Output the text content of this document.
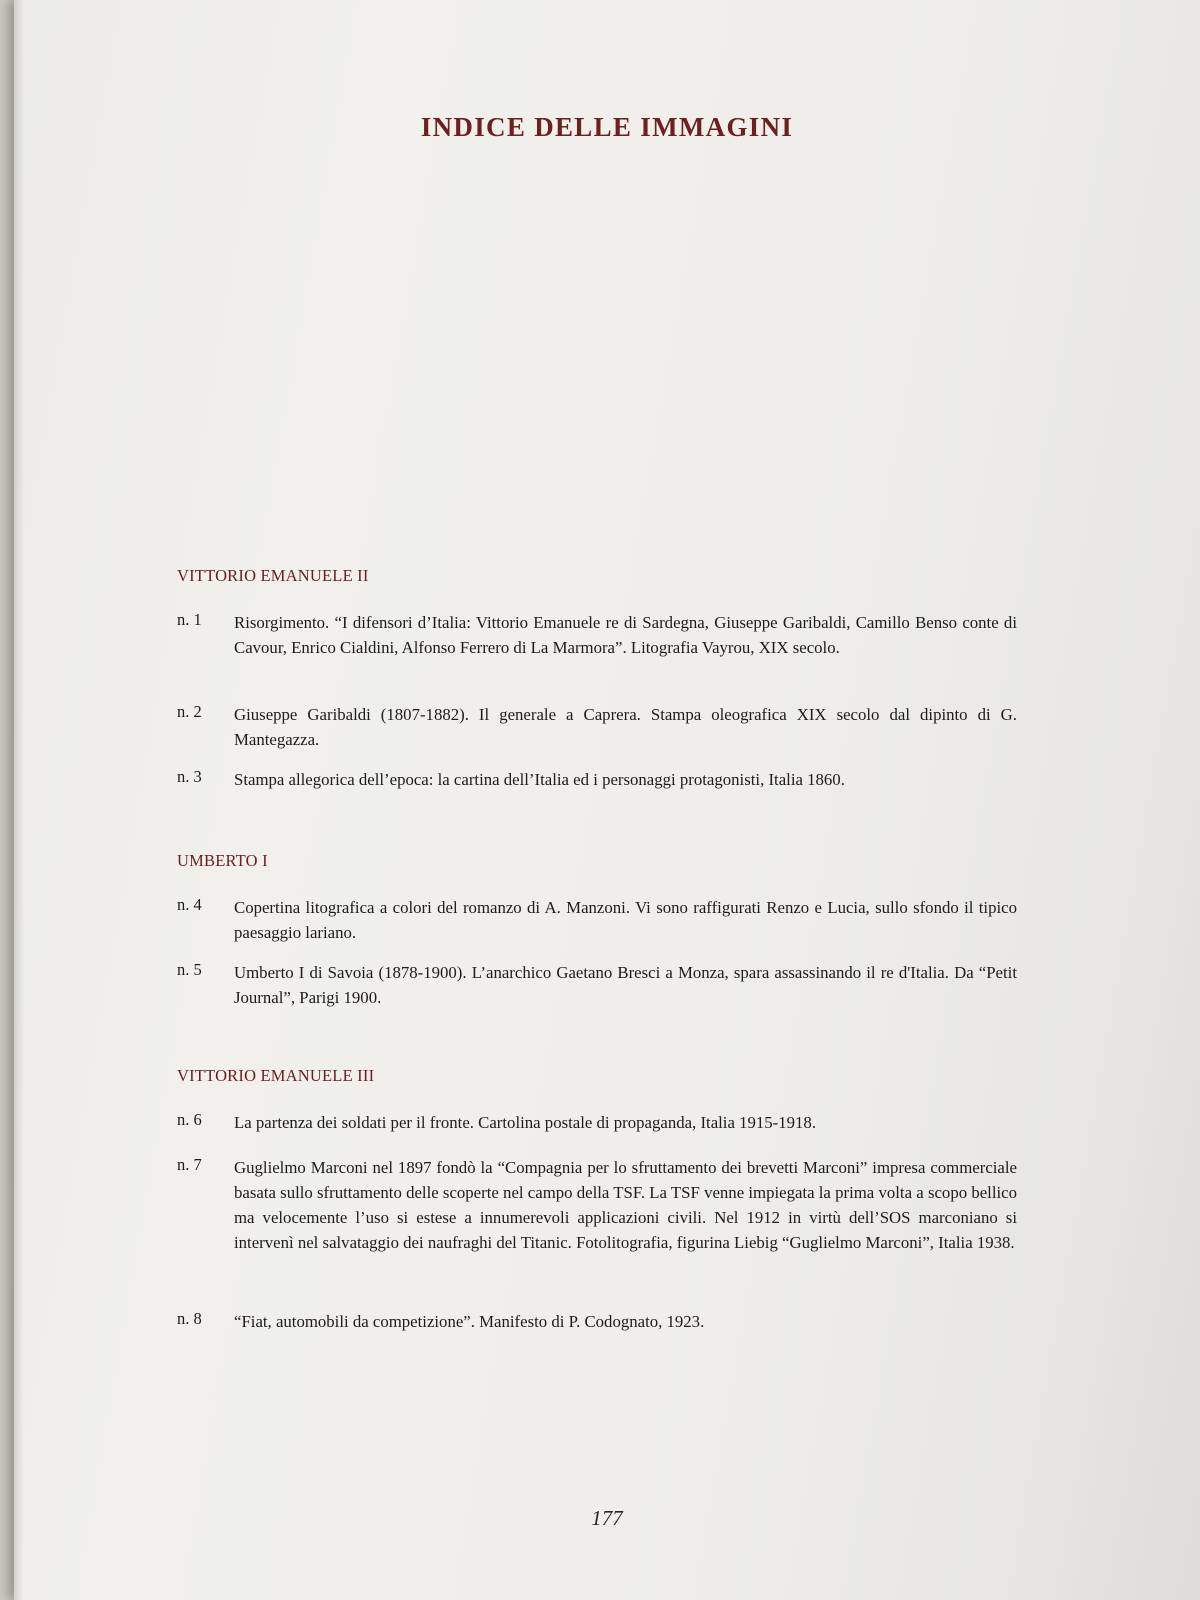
INDICE DELLE IMMAGINI
VITTORIO EMANUELE II
n. 1	Risorgimento. “I difensori d’Italia: Vittorio Emanuele re di Sardegna, Giuseppe Garibaldi, Camillo Benso conte di Cavour, Enrico Cialdini, Alfonso Ferrero di La Marmora”. Litografia Vayrou, XIX secolo.
n. 2	Giuseppe Garibaldi (1807-1882). Il generale a Caprera. Stampa oleografica XIX secolo dal dipinto di G. Mantegazza.
n. 3	Stampa allegorica dell’epoca: la cartina dell’Italia ed i personaggi protagonisti, Italia 1860.
UMBERTO I
n. 4	Copertina litografica a colori del romanzo di A. Manzoni. Vi sono raffigurati Renzo e Lucia, sullo sfondo il tipico paesaggio lariano.
n. 5	Umberto I di Savoia (1878-1900). L’anarchico Gaetano Bresci a Monza, spara assassinando il re d'Italia. Da “Petit Journal”, Parigi 1900.
VITTORIO EMANUELE III
n. 6	La partenza dei soldati per il fronte. Cartolina postale di propaganda, Italia 1915-1918.
n. 7	Guglielmo Marconi nel 1897 fondò la “Compagnia per lo sfruttamento dei brevetti Marconi” impresa commerciale basata sullo sfruttamento delle scoperte nel campo della TSF. La TSF venne impiegata la prima volta a scopo bellico ma velocemente l’uso si estese a innumerevoli applicazioni civili. Nel 1912 in virtù dell’SOS marconiano si intervenì nel salvataggio dei naufraghi del Titanic. Fotolitografia, figurina Liebig “Guglielmo Marconi”, Italia 1938.
n. 8	“Fiat, automobili da competizione”. Manifesto di P. Codognato, 1923.
177
